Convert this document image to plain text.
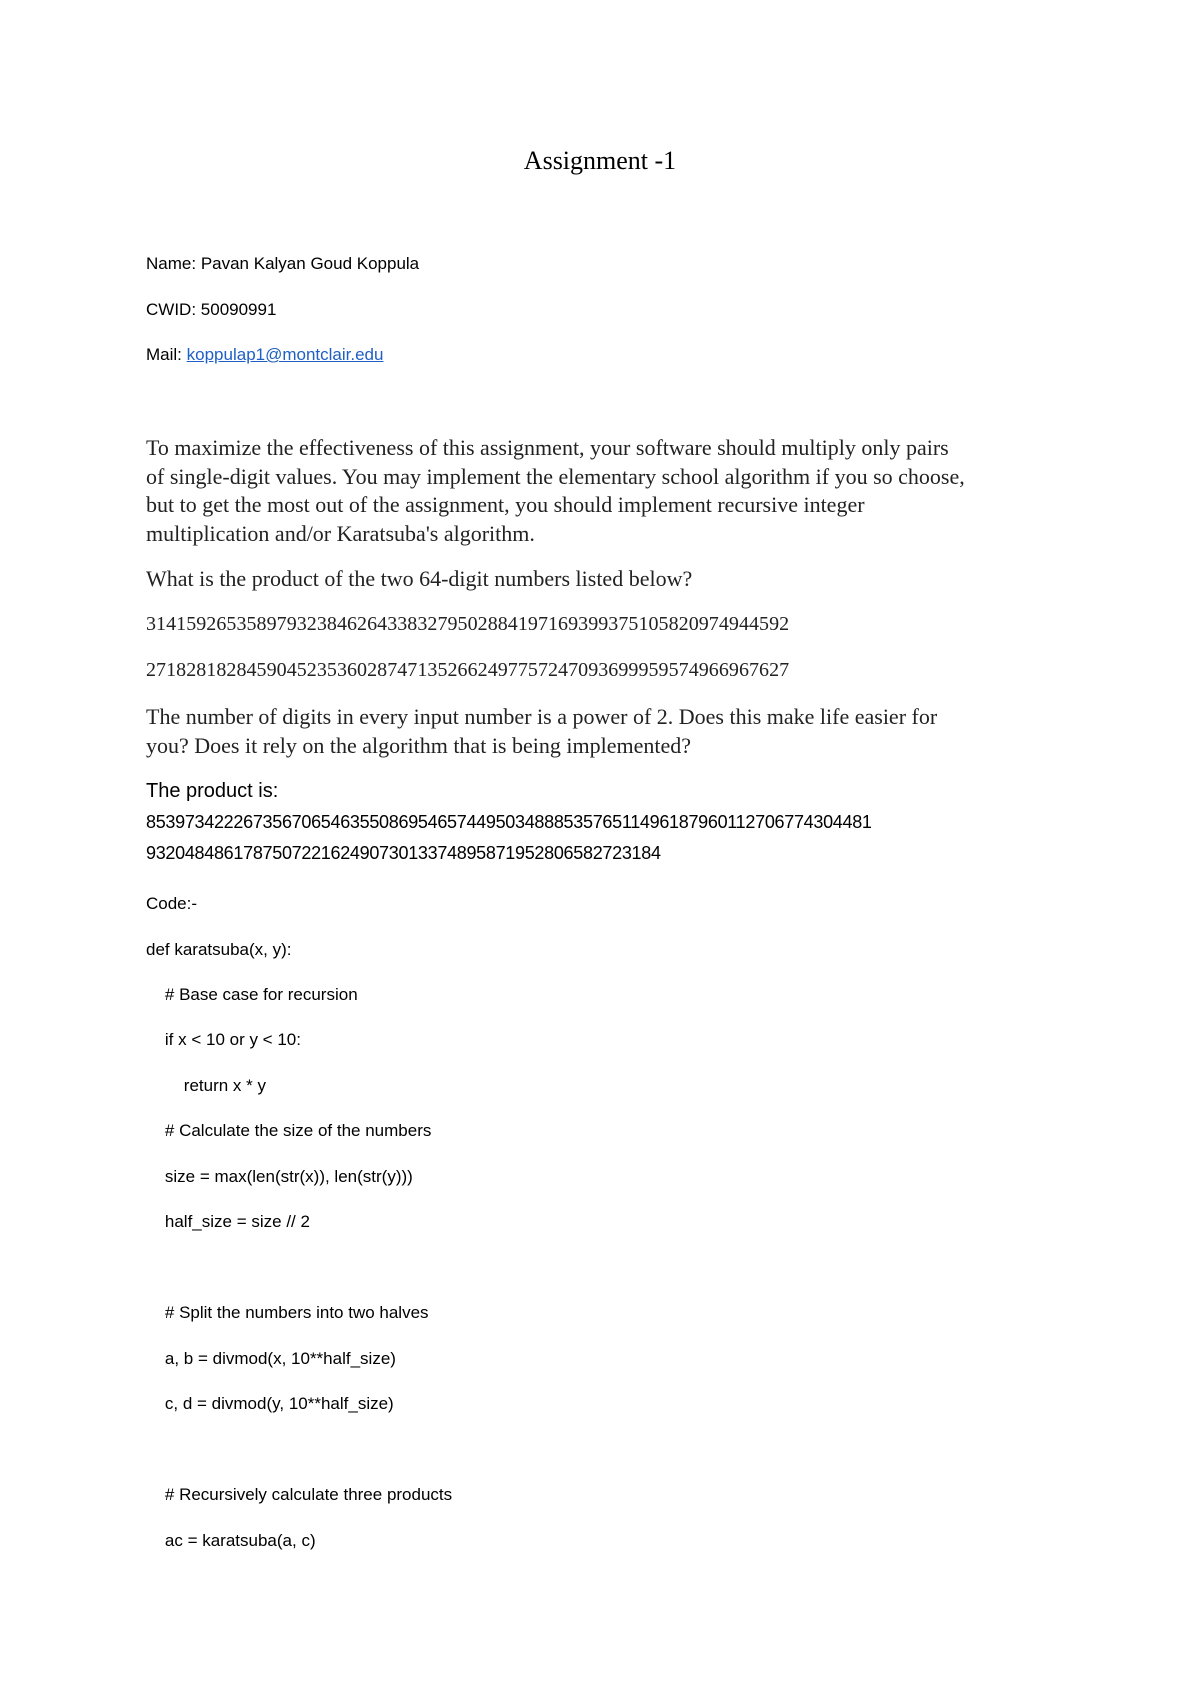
Assignment -1
Name: Pavan Kalyan Goud Koppula
CWID: 50090991
Mail: koppulap1@montclair.edu
To maximize the effectiveness of this assignment, your software should multiply only pairs
of single-digit values. You may implement the elementary school algorithm if you so choose,
but to get the most out of the assignment, you should implement recursive integer
multiplication and/or Karatsuba's algorithm.
What is the product of the two 64-digit numbers listed below?
3141592653589793238462643383279502884197169399375105820974944592
2718281828459045235360287471352662497757247093699959574966967627
The number of digits in every input number is a power of 2. Does this make life easier for
you? Does it rely on the algorithm that is being implemented?
The product is:
853973422267356706546355086954657449503488853576511496187960112706774304481
93204848617875072216249073013374895871952806582723184
Code:-
def karatsuba(x, y):
# Base case for recursion
if x < 10 or y < 10:
return x * y
# Calculate the size of the numbers
size = max(len(str(x)), len(str(y)))
half_size = size // 2
# Split the numbers into two halves
a, b = divmod(x, 10**half_size)
c, d = divmod(y, 10**half_size)
# Recursively calculate three products
ac = karatsuba(a, c)
